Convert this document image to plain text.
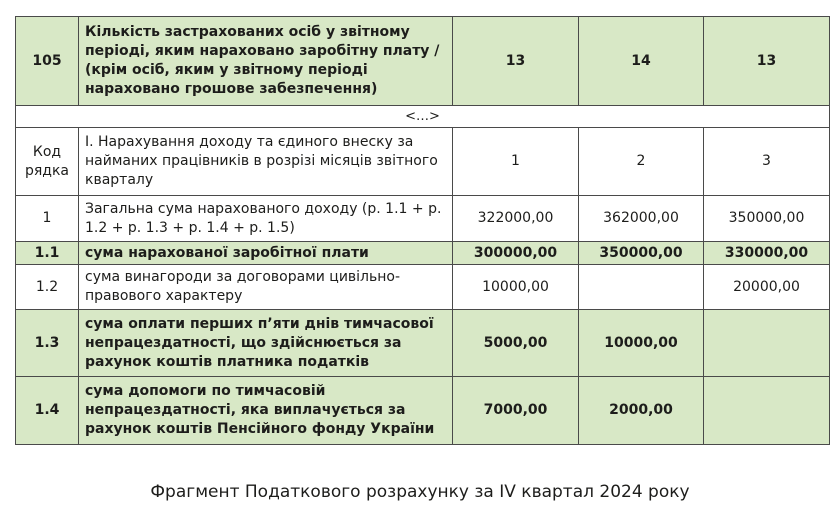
105	Кількість застрахованих осіб у звітному періоді, яким нараховано заробітну плату / (крім осіб, яким у звітному періоді нараховано грошове забезпечення)	13	14	13
<…>				
Код рядка	І. Нарахування доходу та єдиного внеску за найманих працівників в розрізі місяців звітного кварталу	1	2	3
1	Загальна сума нарахованого доходу (р. 1.1 + р. 1.2 + р. 1.3 + р. 1.4 + р. 1.5)	322000,00	362000,00	350000,00
1.1	сума нарахованої заробітної плати	300000,00	350000,00	330000,00
1.2	сума винагороди за договорами цивільно-правового характеру	10000,00		20000,00
1.3	сума оплати перших п’яти днів тимчасової непрацездатності, що здійснюється за рахунок коштів платника податків	5000,00	10000,00	
1.4	сума допомоги по тимчасовій непрацездатності, яка виплачується за рахунок коштів Пенсійного фонду України	7000,00	2000,00	
Фрагмент Податкового розрахунку за IV квартал 2024 року
